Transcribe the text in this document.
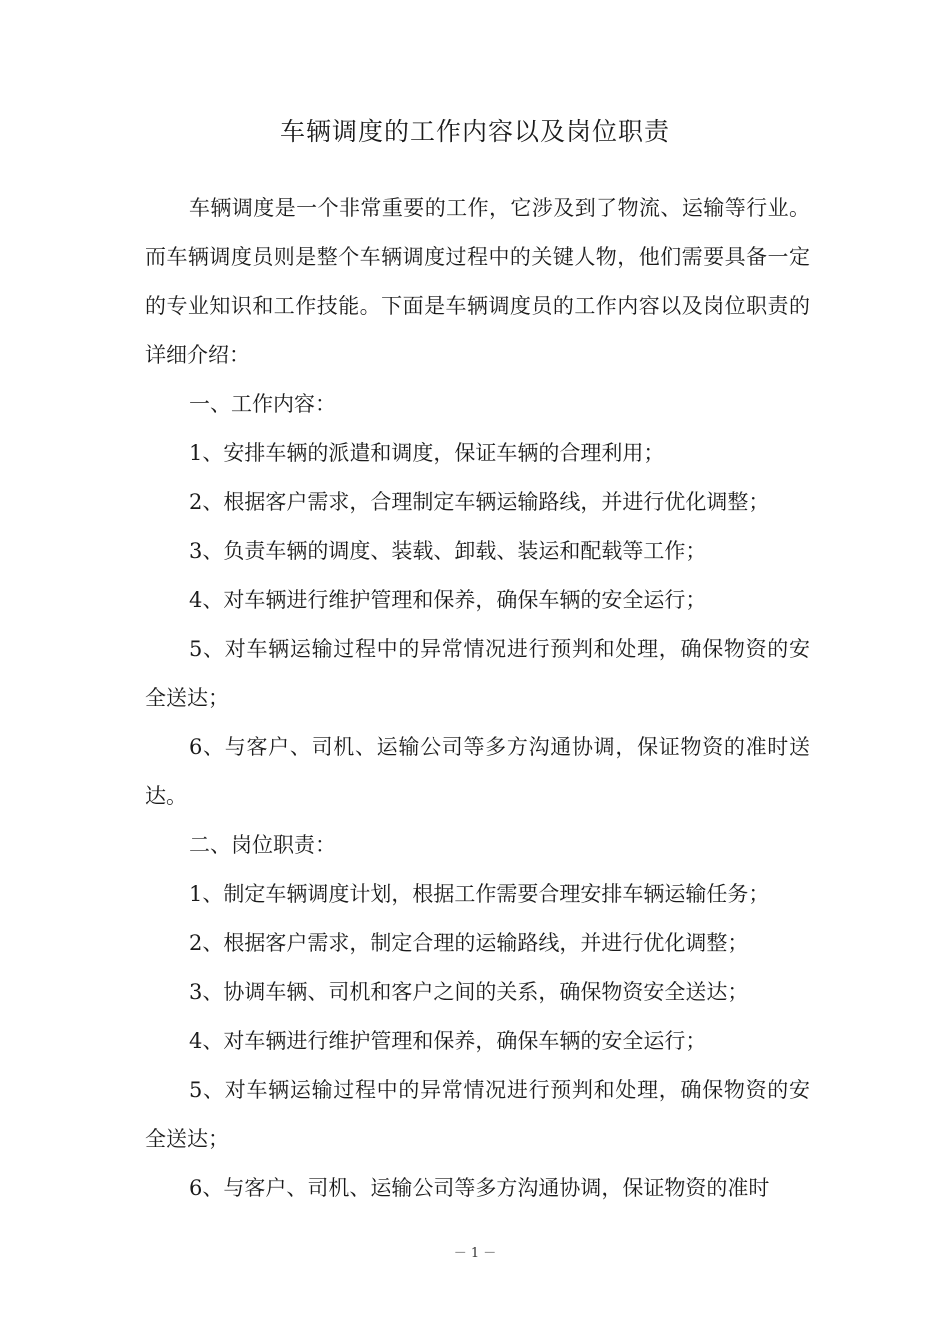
车辆调度的工作内容以及岗位职责

车辆调度是一个非常重要的工作，它涉及到了物流、运输等行业。而车辆调度员则是整个车辆调度过程中的关键人物，他们需要具备一定的专业知识和工作技能。下面是车辆调度员的工作内容以及岗位职责的详细介绍：

一、工作内容：

1、安排车辆的派遣和调度，保证车辆的合理利用；

2、根据客户需求，合理制定车辆运输路线，并进行优化调整；

3、负责车辆的调度、装载、卸载、装运和配载等工作；

4、对车辆进行维护管理和保养，确保车辆的安全运行；

5、对车辆运输过程中的异常情况进行预判和处理，确保物资的安全送达；

6、与客户、司机、运输公司等多方沟通协调，保证物资的准时送达。

二、岗位职责：

1、制定车辆调度计划，根据工作需要合理安排车辆运输任务；

2、根据客户需求，制定合理的运输路线，并进行优化调整；

3、协调车辆、司机和客户之间的关系，确保物资安全送达；

4、对车辆进行维护管理和保养，确保车辆的安全运行；

5、对车辆运输过程中的异常情况进行预判和处理，确保物资的安全送达；

6、与客户、司机、运输公司等多方沟通协调，保证物资的准时

－ 1 －
